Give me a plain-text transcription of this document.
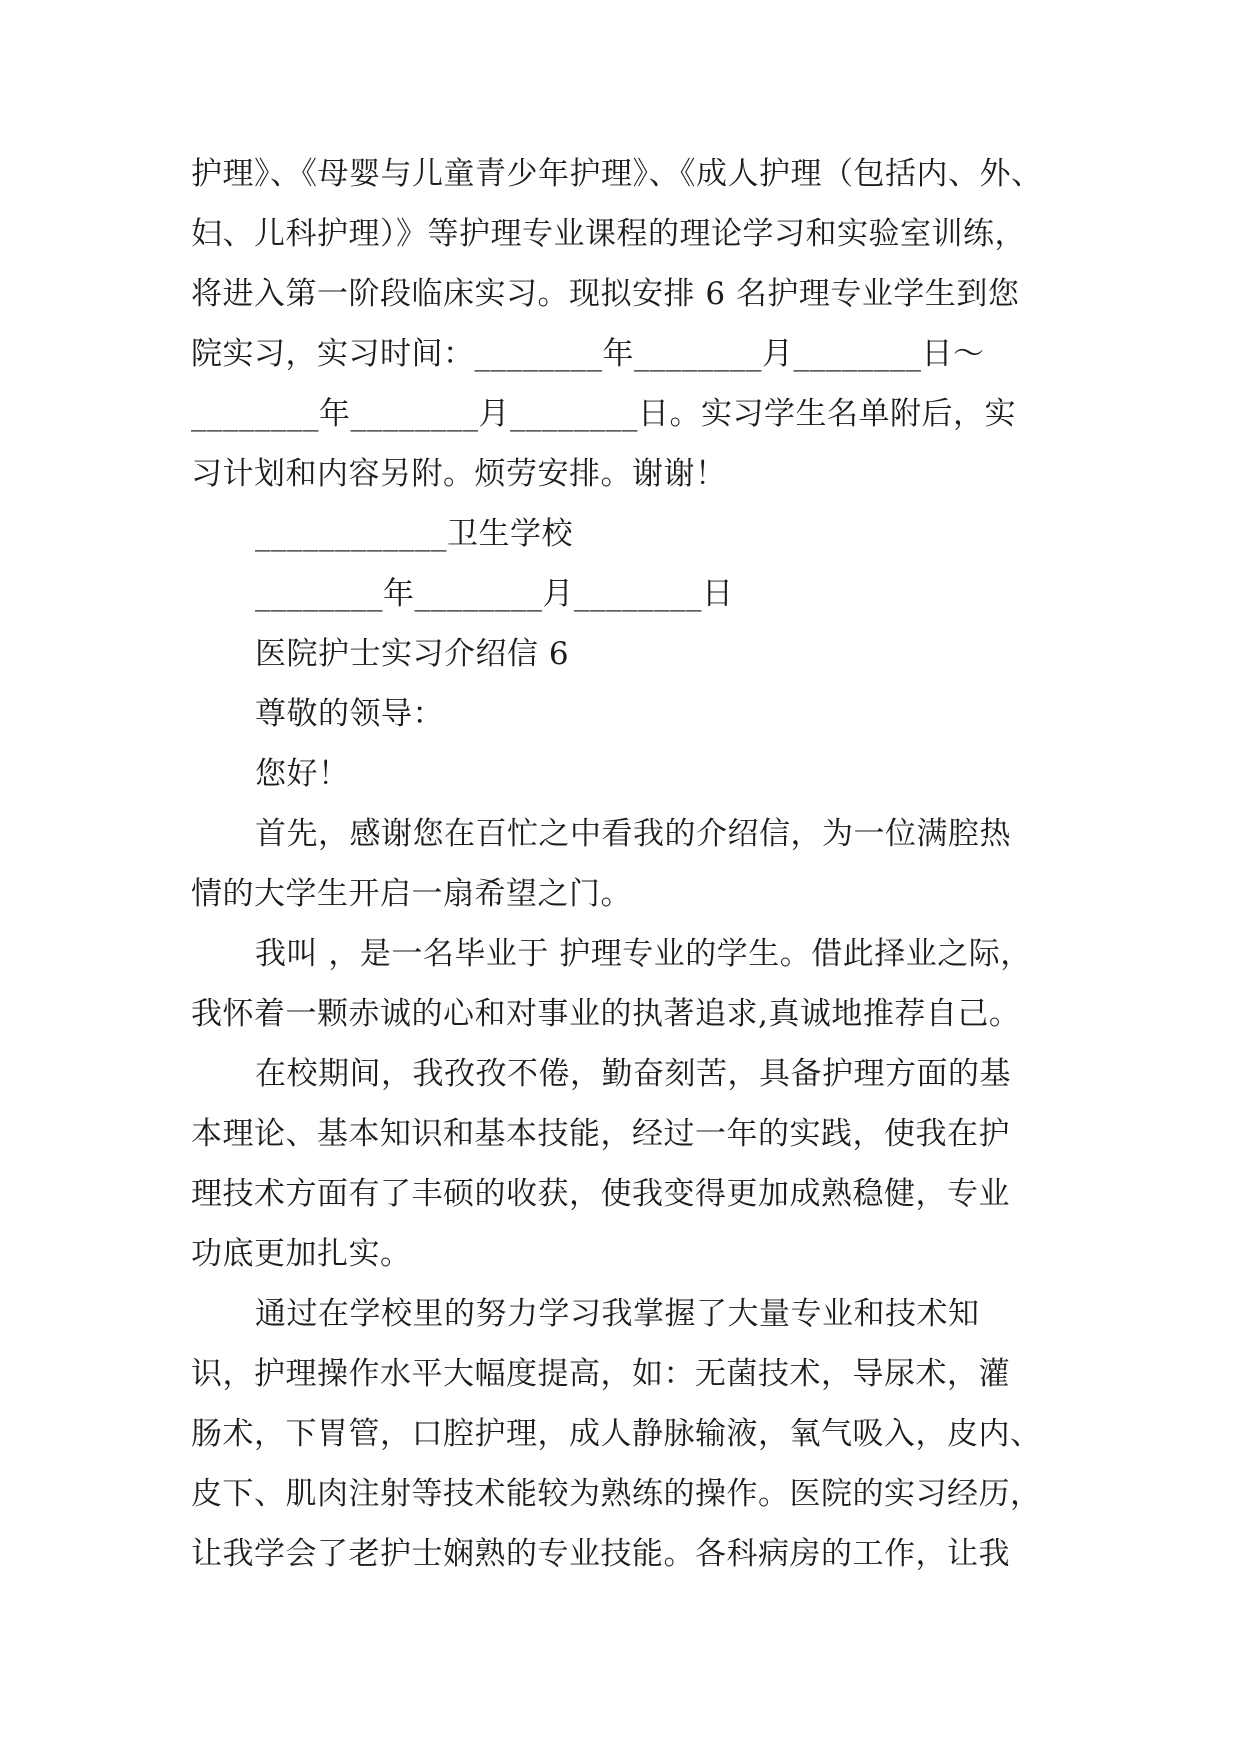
护理》、《母婴与儿童青少年护理》、《成人护理（包括内、外、
妇、儿科护理）》等护理专业课程的理论学习和实验室训练，
将进入第一阶段临床实习。现拟安排 6 名护理专业学生到您
院实习，实习时间：________年________月________日～
________年________月________日。实习学生名单附后，实
习计划和内容另附。烦劳安排。谢谢！
____________卫生学校
________年________月________日
医院护士实习介绍信 6
尊敬的领导：
您好！
首先，感谢您在百忙之中看我的介绍信，为一位满腔热
情的大学生开启一扇希望之门。
我叫 ，是一名毕业于 护理专业的学生。借此择业之际，
我怀着一颗赤诚的心和对事业的执著追求,真诚地推荐自己。
在校期间，我孜孜不倦，勤奋刻苦，具备护理方面的基
本理论、基本知识和基本技能，经过一年的实践，使我在护
理技术方面有了丰硕的收获，使我变得更加成熟稳健，专业
功底更加扎实。
通过在学校里的努力学习我掌握了大量专业和技术知
识，护理操作水平大幅度提高，如：无菌技术，导尿术，灌
肠术，下胃管，口腔护理，成人静脉输液，氧气吸入，皮内、
皮下、肌肉注射等技术能较为熟练的操作。医院的实习经历，
让我学会了老护士娴熟的专业技能。各科病房的工作，让我
